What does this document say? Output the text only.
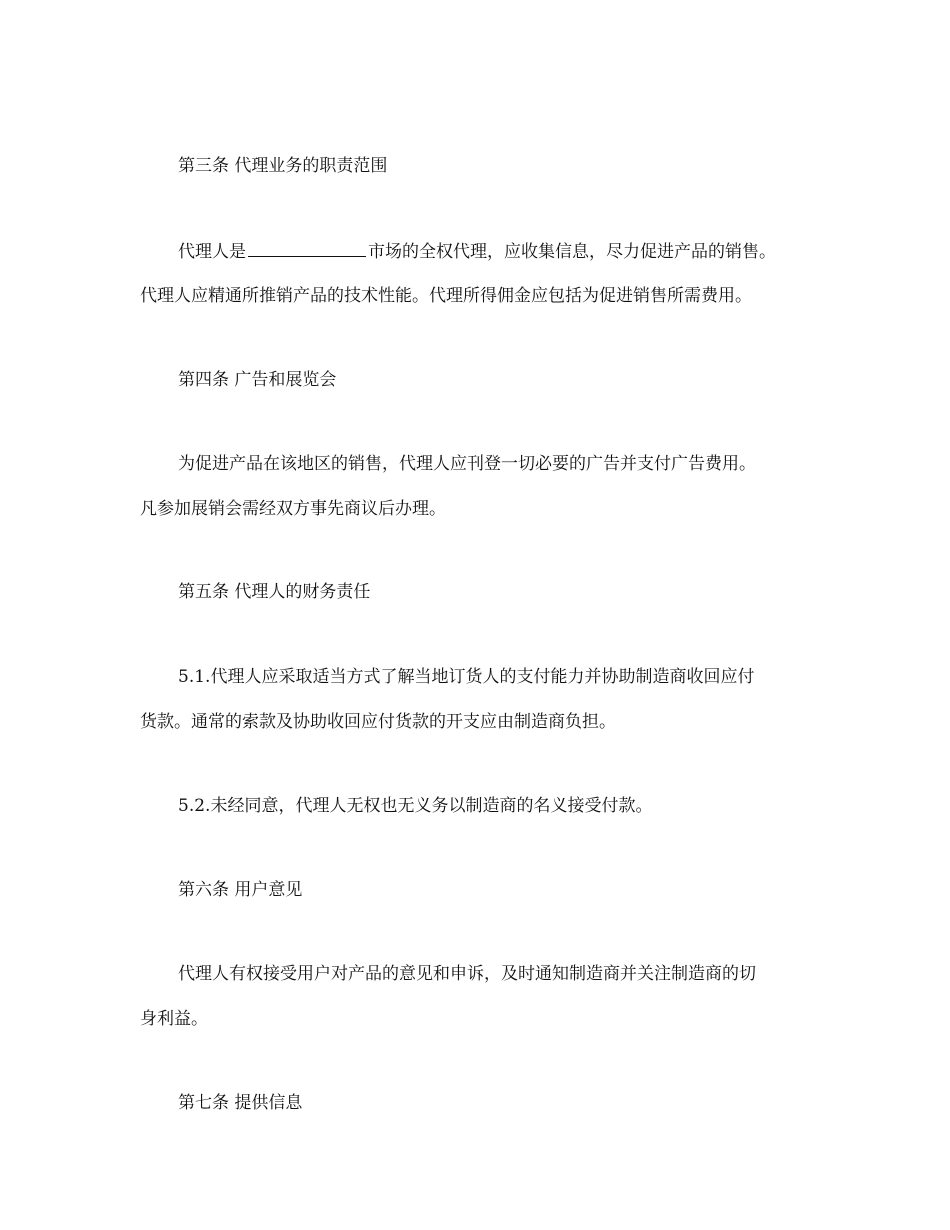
第三条 代理业务的职责范围
代理人是	市场的全权代理，应收集信息，尽力促进产品的销售。
代理人应精通所推销产品的技术性能。代理所得佣金应包括为促进销售所需费用。
第四条 广告和展览会
为促进产品在该地区的销售，代理人应刊登一切必要的广告并支付广告费用。
凡参加展销会需经双方事先商议后办理。
第五条 代理人的财务责任
5.1.代理人应采取适当方式了解当地订货人的支付能力并协助制造商收回应付
货款。通常的索款及协助收回应付货款的开支应由制造商负担。
5.2.未经同意，代理人无权也无义务以制造商的名义接受付款。
第六条 用户意见
代理人有权接受用户对产品的意见和申诉，及时通知制造商并关注制造商的切
身利益。
第七条 提供信息
